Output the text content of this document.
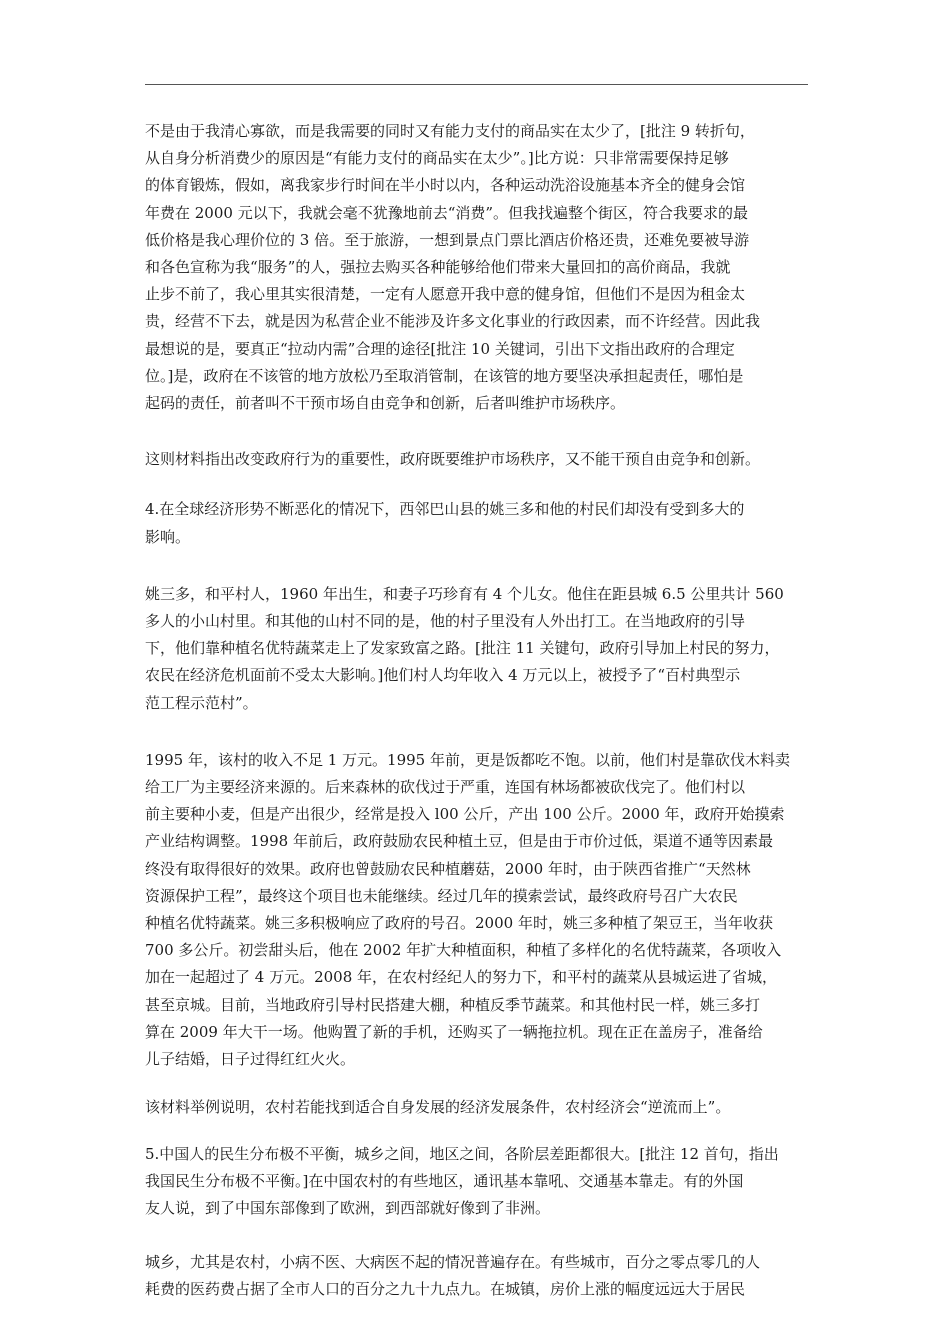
不是由于我清心寡欲，而是我需要的同时又有能力支付的商品实在太少了，[批注 9 转折句，
从自身分析消费少的原因是“有能力支付的商品实在太少”。]比方说：只非常需要保持足够
的体育锻炼，假如，离我家步行时间在半小时以内，各种运动洗浴设施基本齐全的健身会馆
年费在 2000 元以下，我就会毫不犹豫地前去“消费”。但我找遍整个街区，符合我要求的最
低价格是我心理价位的 3 倍。至于旅游，一想到景点门票比酒店价格还贵，还难免要被导游
和各色宣称为我“服务”的人，强拉去购买各种能够给他们带来大量回扣的高价商品，我就
止步不前了，我心里其实很清楚，一定有人愿意开我中意的健身馆，但他们不是因为租金太
贵，经营不下去，就是因为私营企业不能涉及许多文化事业的行政因素，而不许经营。因此我
最想说的是，要真正“拉动内需”合理的途径[批注 10 关键词，引出下文指出政府的合理定
位。]是，政府在不该管的地方放松乃至取消管制，在该管的地方要坚决承担起责任，哪怕是
起码的责任，前者叫不干预市场自由竞争和创新，后者叫维护市场秩序。

这则材料指出改变政府行为的重要性，政府既要维护市场秩序，又不能干预自由竞争和创新。

4.在全球经济形势不断恶化的情况下，西邻巴山县的姚三多和他的村民们却没有受到多大的
影响。

姚三多，和平村人，1960 年出生，和妻子巧珍育有 4 个儿女。他住在距县城 6.5 公里共计 560
多人的小山村里。和其他的山村不同的是，他的村子里没有人外出打工。在当地政府的引导
下，他们靠种植名优特蔬菜走上了发家致富之路。[批注 11 关键句，政府引导加上村民的努力，
农民在经济危机面前不受太大影响。]他们村人均年收入 4 万元以上，被授予了“百村典型示
范工程示范村”。

1995 年，该村的收入不足 1 万元。1995 年前，更是饭都吃不饱。以前，他们村是靠砍伐木料卖
给工厂为主要经济来源的。后来森林的砍伐过于严重，连国有林场都被砍伐完了。他们村以
前主要种小麦，但是产出很少，经常是投入 l00 公斤，产出 100 公斤。2000 年，政府开始摸索
产业结构调整。1998 年前后，政府鼓励农民种植土豆，但是由于市价过低，渠道不通等因素最
终没有取得很好的效果。政府也曾鼓励农民种植蘑菇，2000 年时，由于陕西省推广“天然林
资源保护工程”，最终这个项目也未能继续。经过几年的摸索尝试，最终政府号召广大农民
种植名优特蔬菜。姚三多积极响应了政府的号召。2000 年时，姚三多种植了架豆王，当年收获
700 多公斤。初尝甜头后，他在 2002 年扩大种植面积，种植了多样化的名优特蔬菜，各项收入
加在一起超过了 4 万元。2008 年，在农村经纪人的努力下，和平村的蔬菜从县城运进了省城，
甚至京城。目前，当地政府引导村民搭建大棚，种植反季节蔬菜。和其他村民一样，姚三多打
算在 2009 年大干一场。他购置了新的手机，还购买了一辆拖拉机。现在正在盖房子，准备给
儿子结婚，日子过得红红火火。

该材料举例说明，农村若能找到适合自身发展的经济发展条件，农村经济会“逆流而上”。

5.中国人的民生分布极不平衡，城乡之间，地区之间，各阶层差距都很大。[批注 12 首句，指出
我国民生分布极不平衡。]在中国农村的有些地区，通讯基本靠吼、交通基本靠走。有的外国
友人说，到了中国东部像到了欧洲，到西部就好像到了非洲。

城乡，尤其是农村，小病不医、大病医不起的情况普遍存在。有些城市，百分之零点零几的人
耗费的医药费占据了全市人口的百分之九十九点九。在城镇，房价上涨的幅度远远大于居民
